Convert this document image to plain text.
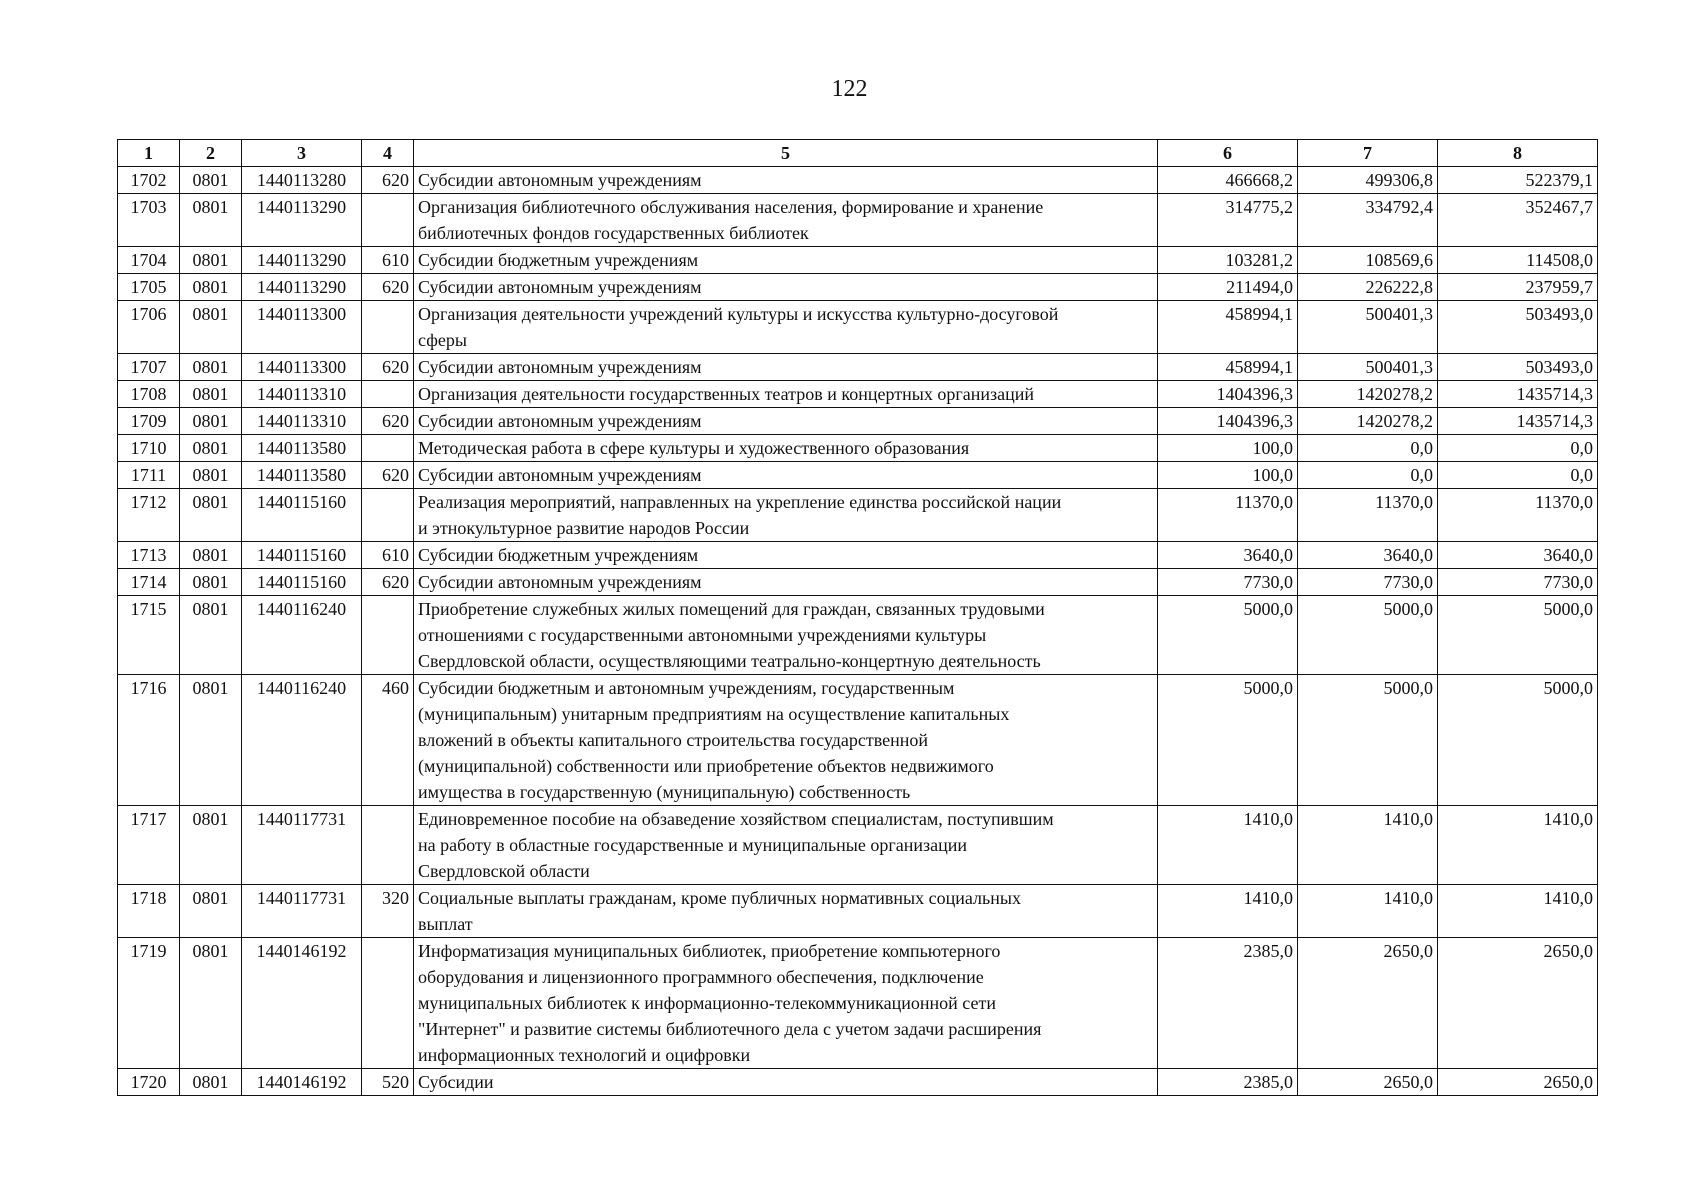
122
1	2	3	4	5	6	7	8
1702	0801	1440113280	620	Субсидии автономным учреждениям	466668,2	499306,8	522379,1
1703	0801	1440113290		Организация библиотечного обслуживания населения, формирование и хранение
библиотечных фондов государственных библиотек	314775,2	334792,4	352467,7
1704	0801	1440113290	610	Субсидии бюджетным учреждениям	103281,2	108569,6	114508,0
1705	0801	1440113290	620	Субсидии автономным учреждениям	211494,0	226222,8	237959,7
1706	0801	1440113300		Организация деятельности учреждений культуры и искусства культурно-досуговой
сферы	458994,1	500401,3	503493,0
1707	0801	1440113300	620	Субсидии автономным учреждениям	458994,1	500401,3	503493,0
1708	0801	1440113310		Организация деятельности государственных театров и концертных организаций	1404396,3	1420278,2	1435714,3
1709	0801	1440113310	620	Субсидии автономным учреждениям	1404396,3	1420278,2	1435714,3
1710	0801	1440113580		Методическая работа в сфере культуры и художественного образования	100,0	0,0	0,0
1711	0801	1440113580	620	Субсидии автономным учреждениям	100,0	0,0	0,0
1712	0801	1440115160		Реализация мероприятий, направленных на укрепление единства российской нации
и этнокультурное развитие народов России	11370,0	11370,0	11370,0
1713	0801	1440115160	610	Субсидии бюджетным учреждениям	3640,0	3640,0	3640,0
1714	0801	1440115160	620	Субсидии автономным учреждениям	7730,0	7730,0	7730,0
1715	0801	1440116240		Приобретение служебных жилых помещений для граждан, связанных трудовыми
отношениями с государственными автономными учреждениями культуры
Свердловской области, осуществляющими театрально-концертную деятельность	5000,0	5000,0	5000,0
1716	0801	1440116240	460	Субсидии бюджетным и автономным учреждениям, государственным
(муниципальным) унитарным предприятиям на осуществление капитальных
вложений в объекты капитального строительства государственной
(муниципальной) собственности или приобретение объектов недвижимого
имущества в государственную (муниципальную) собственность	5000,0	5000,0	5000,0
1717	0801	1440117731		Единовременное пособие на обзаведение хозяйством специалистам, поступившим
на работу в областные государственные и муниципальные организации
Свердловской области	1410,0	1410,0	1410,0
1718	0801	1440117731	320	Социальные выплаты гражданам, кроме публичных нормативных социальных
выплат	1410,0	1410,0	1410,0
1719	0801	1440146192		Информатизация муниципальных библиотек, приобретение компьютерного
оборудования и лицензионного программного обеспечения, подключение
муниципальных библиотек к информационно-телекоммуникационной сети
"Интернет" и развитие системы библиотечного дела с учетом задачи расширения
информационных технологий и оцифровки	2385,0	2650,0	2650,0
1720	0801	1440146192	520	Субсидии	2385,0	2650,0	2650,0
